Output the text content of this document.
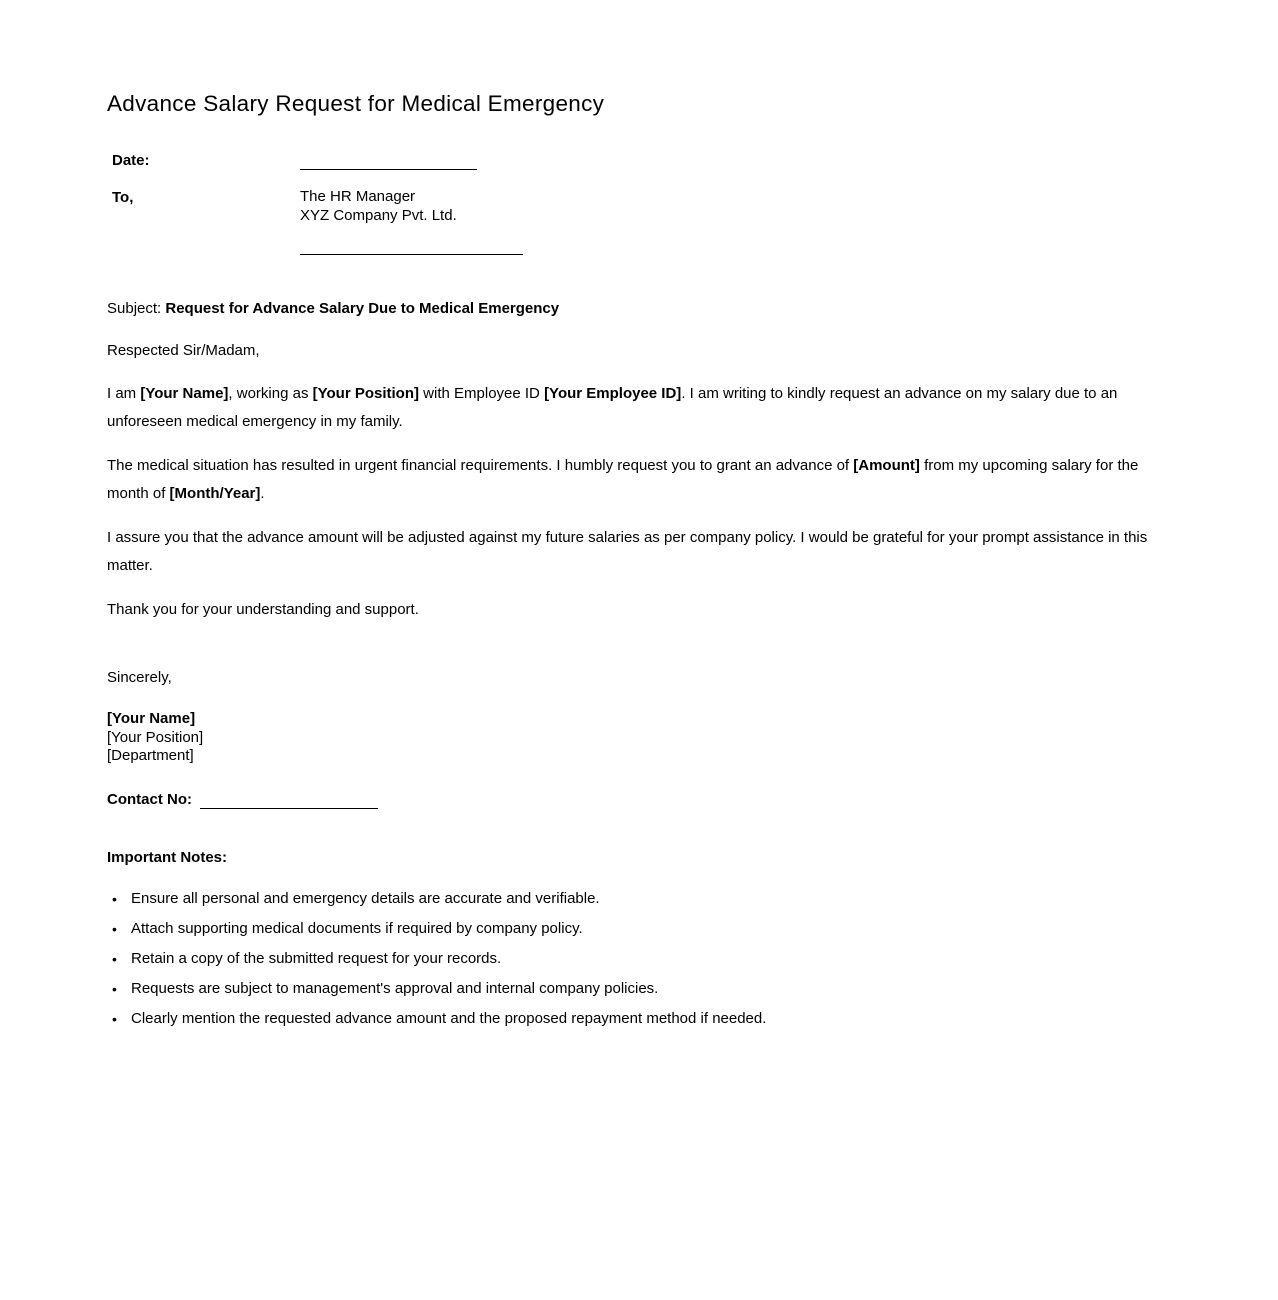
Advance Salary Request for Medical Emergency
Date:
To,	The HR Manager
XYZ Company Pvt. Ltd.

Subject: Request for Advance Salary Due to Medical Emergency

Respected Sir/Madam,

I am [Your Name], working as [Your Position] with Employee ID [Your Employee ID]. I am writing to kindly request an advance on my salary due to an unforeseen medical emergency in my family.

The medical situation has resulted in urgent financial requirements. I humbly request you to grant an advance of [Amount] from my upcoming salary for the month of [Month/Year].

I assure you that the advance amount will be adjusted against my future salaries as per company policy. I would be grateful for your prompt assistance in this matter.

Thank you for your understanding and support.

Sincerely,

[Your Name]
[Your Position]
[Department]
Contact No:
Important Notes:
• Ensure all personal and emergency details are accurate and verifiable.
• Attach supporting medical documents if required by company policy.
• Retain a copy of the submitted request for your records.
• Requests are subject to management's approval and internal company policies.
• Clearly mention the requested advance amount and the proposed repayment method if needed.
